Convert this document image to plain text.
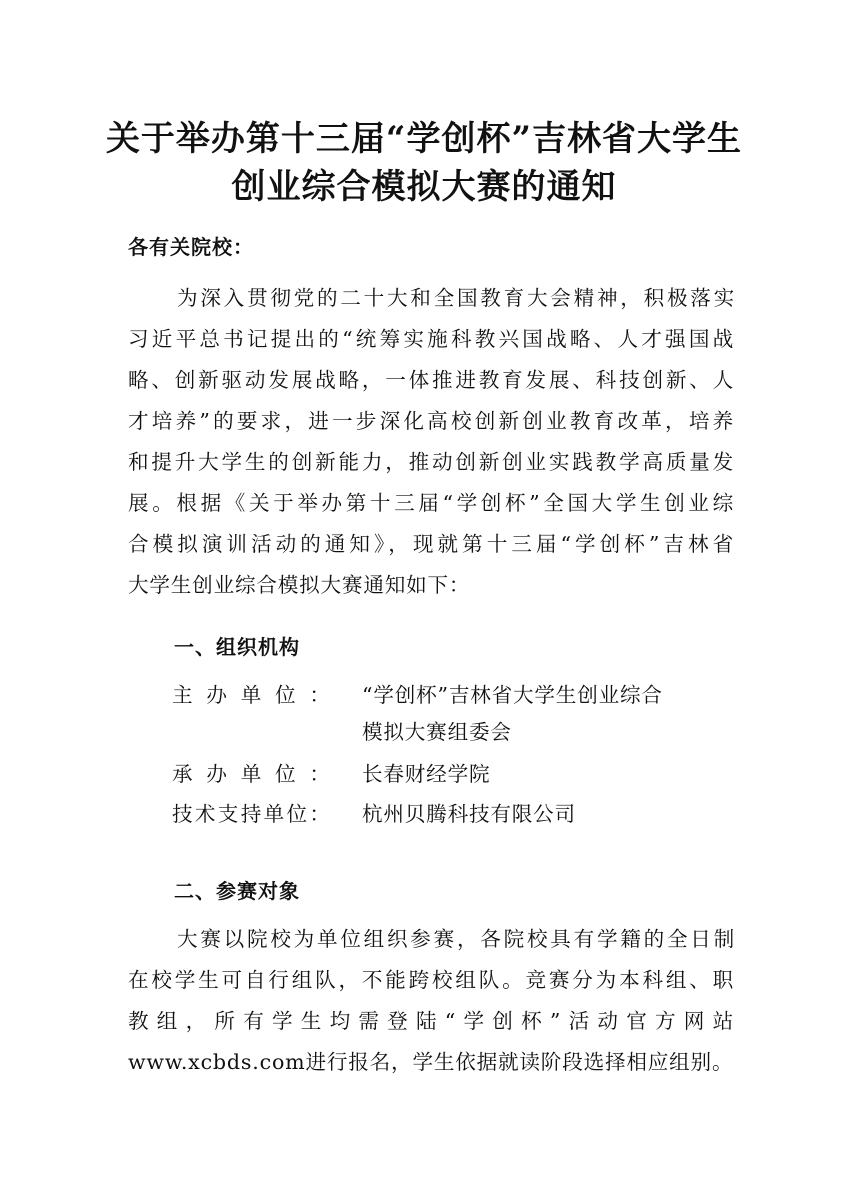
关于举办第十三届“学创杯”吉林省大学生
创业综合模拟大赛的通知
各有关院校：
为深入贯彻党的二十大和全国教育大会精神，积极落实
习近平总书记提出的“统筹实施科教兴国战略、人才强国战
略、创新驱动发展战略，一体推进教育发展、科技创新、人
才培养”的要求，进一步深化高校创新创业教育改革，培养
和提升大学生的创新能力，推动创新创业实践教学高质量发
展。根据《关于举办第十三届“学创杯”全国大学生创业综
合模拟演训活动的通知》，现就第十三届“学创杯”吉林省
大学生创业综合模拟大赛通知如下：
一、组织机构
主办单位： “学创杯”吉林省大学生创业综合
模拟大赛组委会
承办单位： 长春财经学院
技术支持单位： 杭州贝腾科技有限公司
二、参赛对象
大赛以院校为单位组织参赛，各院校具有学籍的全日制
在校学生可自行组队，不能跨校组队。竞赛分为本科组、职
教组，所有学生均需登陆“学创杯”活动官方网站
www.xcbds.com进行报名，学生依据就读阶段选择相应组别。
